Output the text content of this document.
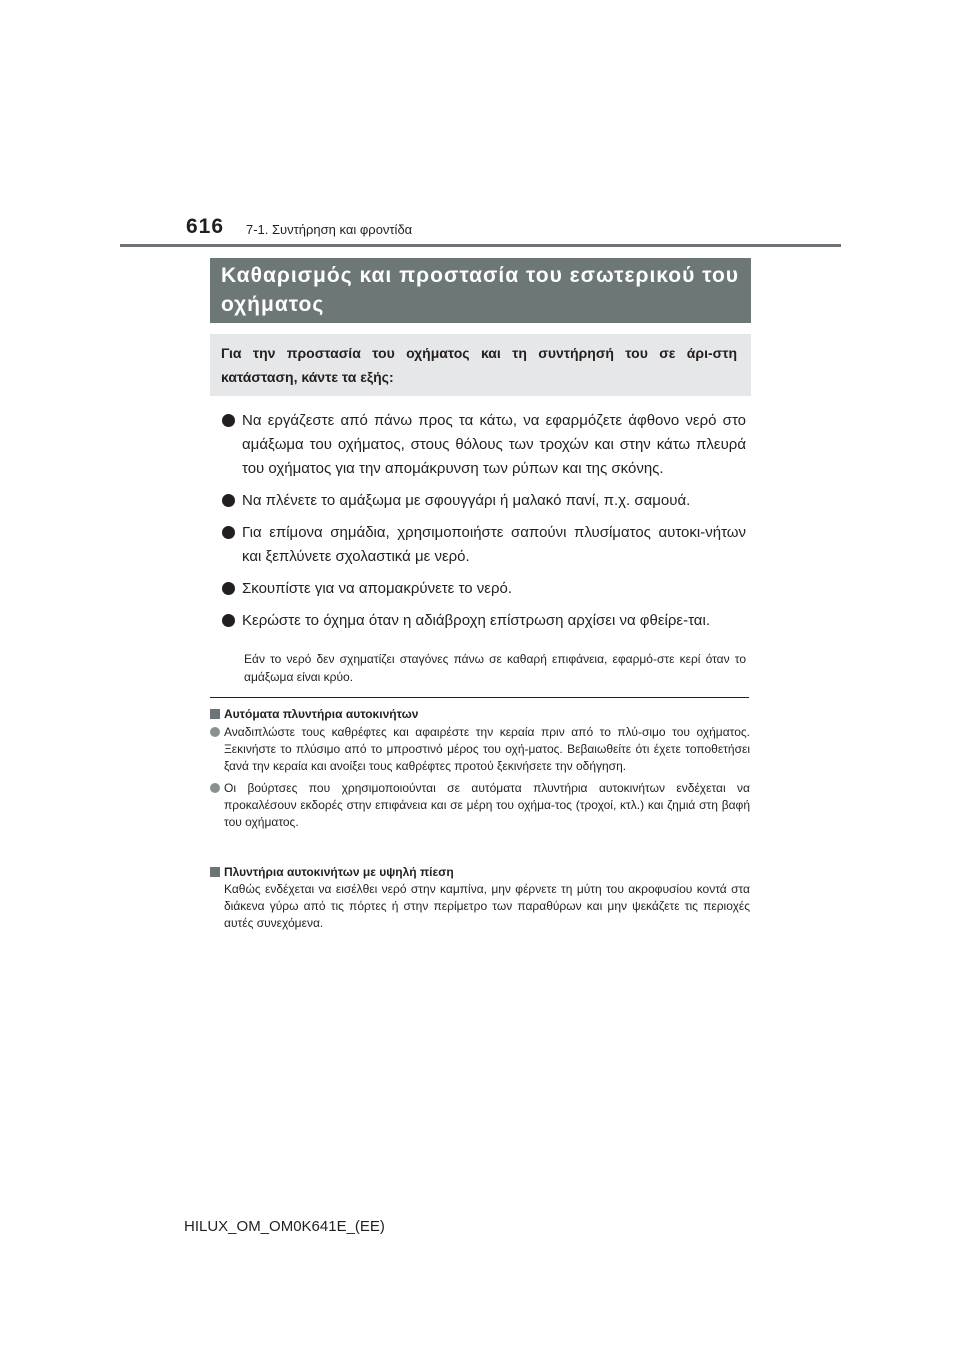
616 7-1. Συντήρηση και φροντίδα
Καθαρισμός και προστασία του εσωτερικού του οχήματος
Για την προστασία του οχήματος και τη συντήρησή του σε άρι-στη κατάσταση, κάντε τα εξής:
Να εργάζεστε από πάνω προς τα κάτω, να εφαρμόζετε άφθονο νερό στο αμάξωμα του οχήματος, στους θόλους των τροχών και στην κάτω πλευρά του οχήματος για την απομάκρυνση των ρύπων και της σκόνης.
Να πλένετε το αμάξωμα με σφουγγάρι ή μαλακό πανί, π.χ. σαμουά.
Για επίμονα σημάδια, χρησιμοποιήστε σαπούνι πλυσίματος αυτοκι-νήτων και ξεπλύνετε σχολαστικά με νερό.
Σκουπίστε για να απομακρύνετε το νερό.
Κερώστε το όχημα όταν η αδιάβροχη επίστρωση αρχίσει να φθείρε-ται.
Εάν το νερό δεν σχηματίζει σταγόνες πάνω σε καθαρή επιφάνεια, εφαρμό-στε κερί όταν το αμάξωμα είναι κρύο.
Αυτόματα πλυντήρια αυτοκινήτων
Αναδιπλώστε τους καθρέφτες και αφαιρέστε την κεραία πριν από το πλύ-σιμο του οχήματος. Ξεκινήστε το πλύσιμο από το μπροστινό μέρος του οχή-ματος. Βεβαιωθείτε ότι έχετε τοποθετήσει ξανά την κεραία και ανοίξει τους καθρέφτες προτού ξεκινήσετε την οδήγηση.
Οι βούρτσες που χρησιμοποιούνται σε αυτόματα πλυντήρια αυτοκινήτων ενδέχεται να προκαλέσουν εκδορές στην επιφάνεια και σε μέρη του οχήμα-τος (τροχοί, κτλ.) και ζημιά στη βαφή του οχήματος.
Πλυντήρια αυτοκινήτων με υψηλή πίεση
Καθώς ενδέχεται να εισέλθει νερό στην καμπίνα, μην φέρνετε τη μύτη του ακροφυσίου κοντά στα διάκενα γύρω από τις πόρτες ή στην περίμετρο των παραθύρων και μην ψεκάζετε τις περιοχές αυτές συνεχόμενα.
HILUX_OM_OM0K641E_(EE)
